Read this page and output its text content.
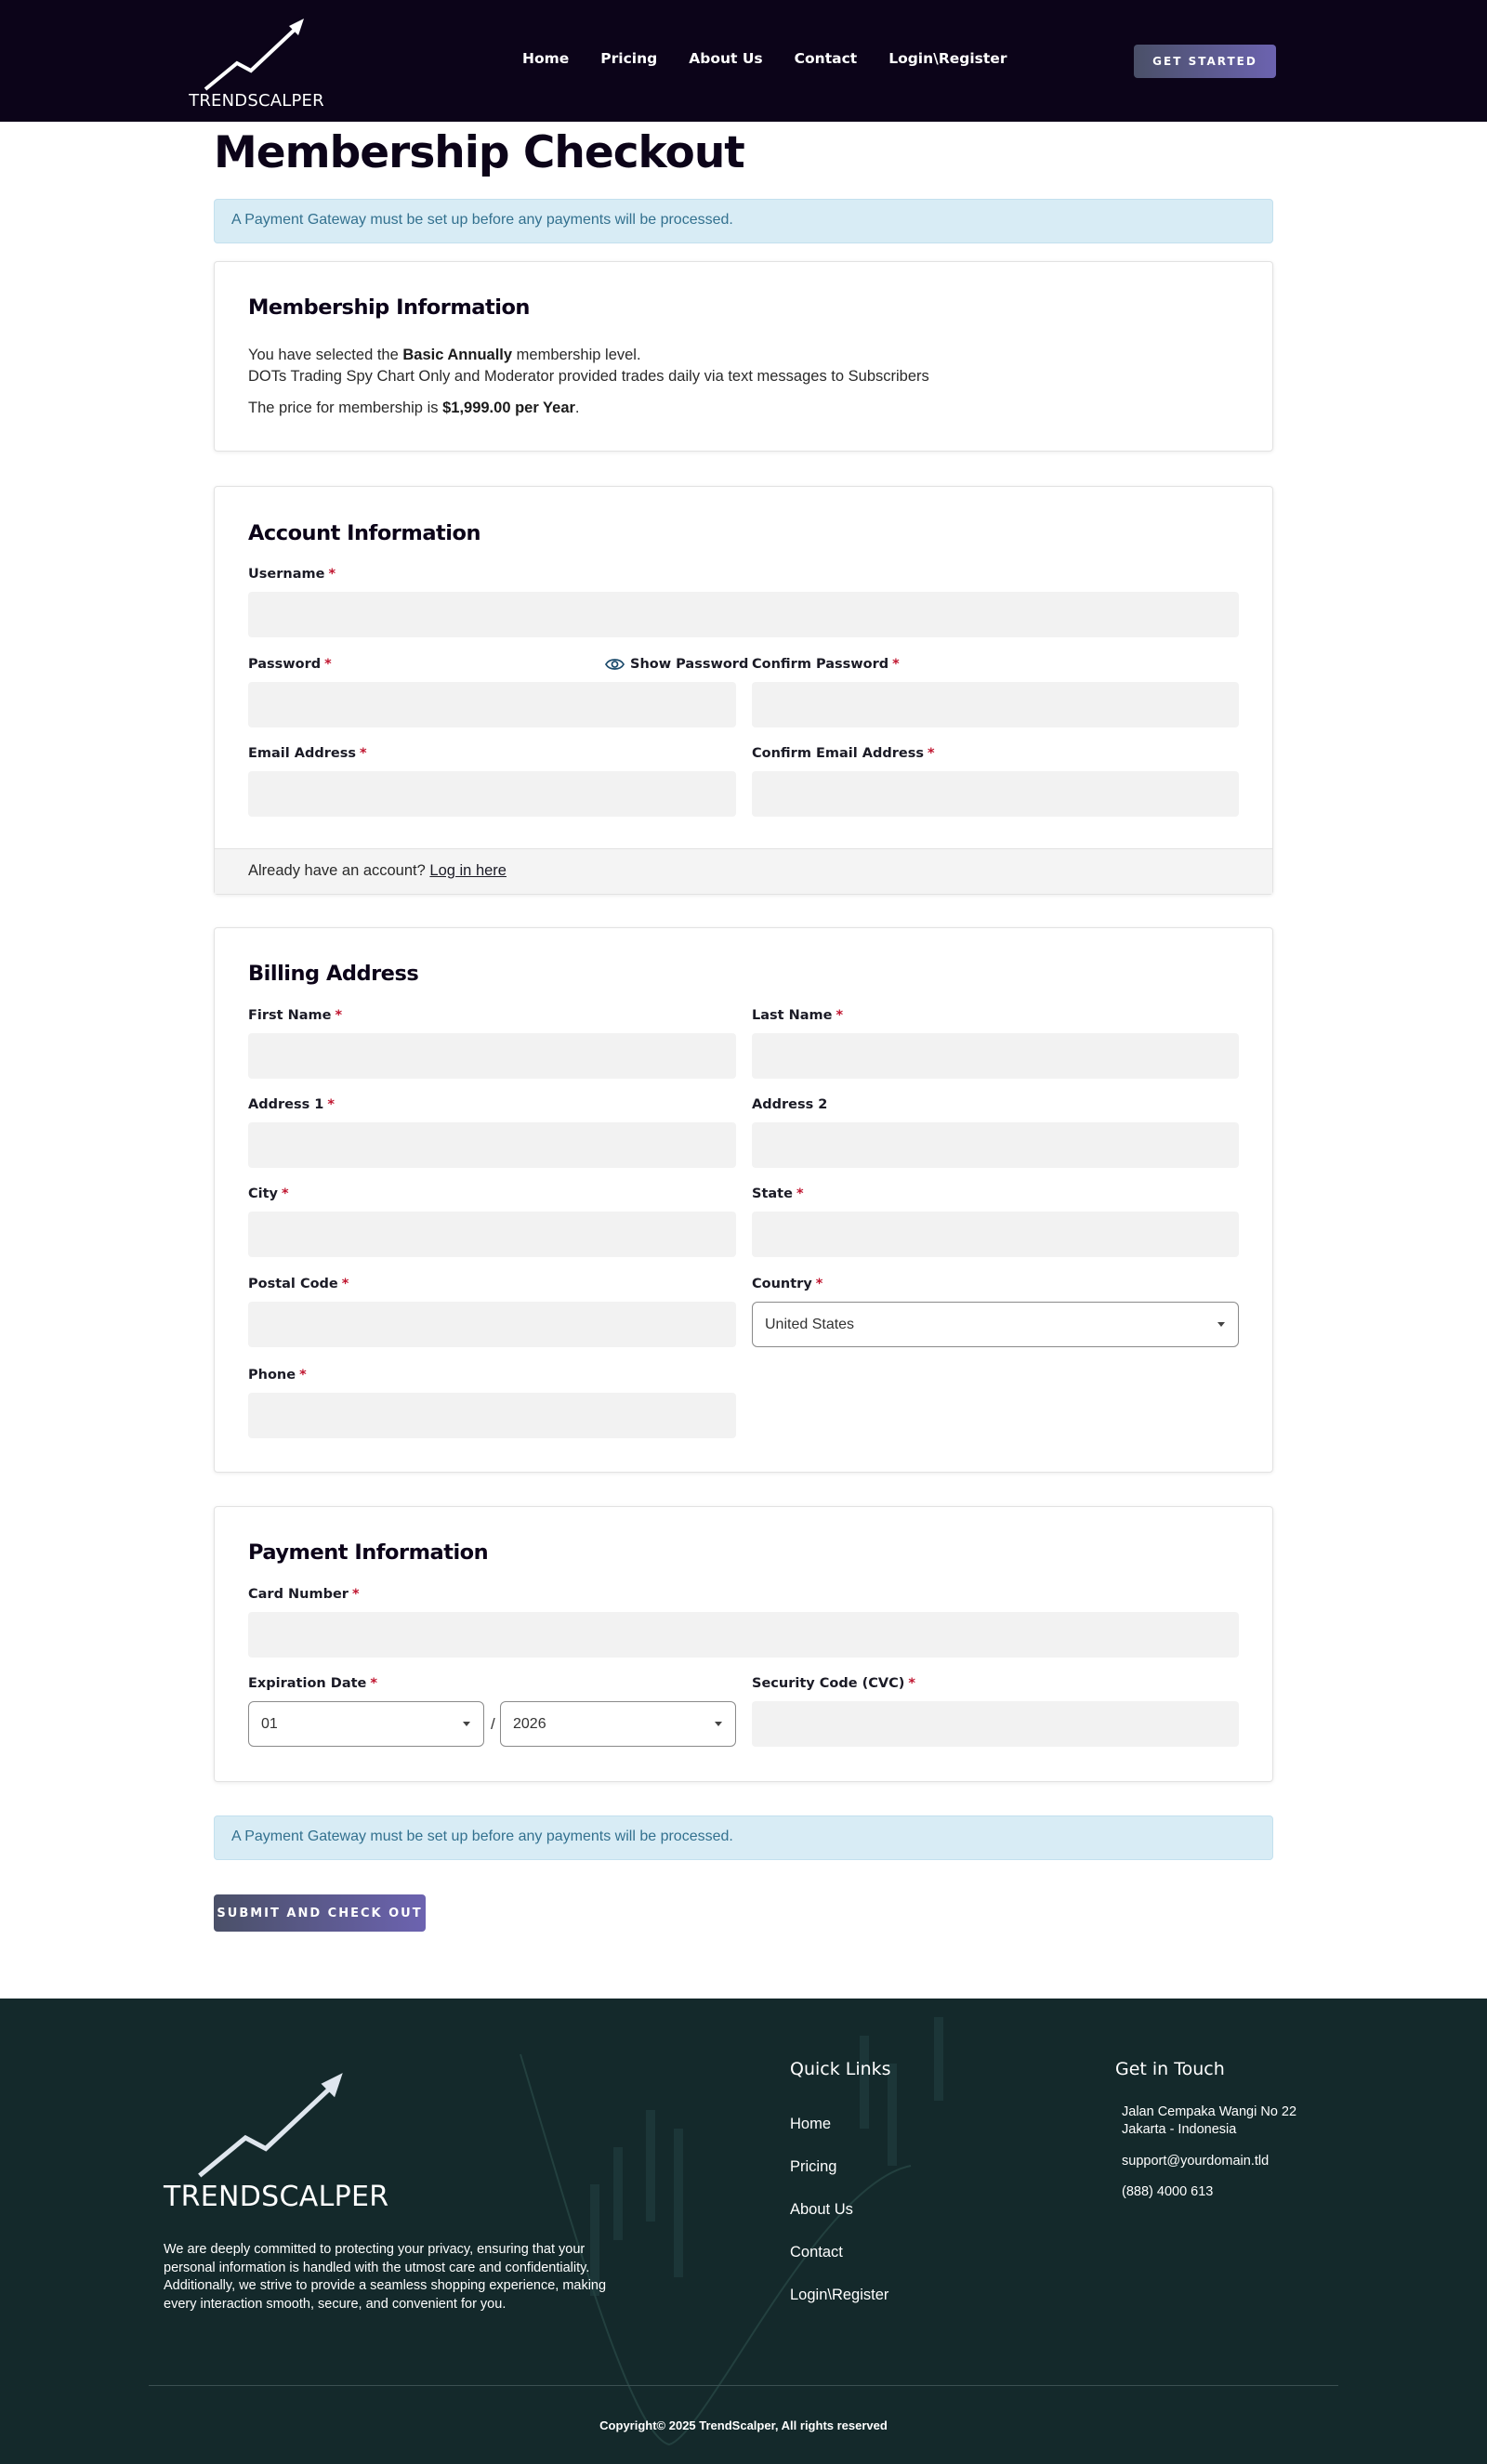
TRENDSCALPER
Home Pricing About Us Contact Login\Register	GET STARTED
Membership Checkout
A Payment Gateway must be set up before any payments will be processed.
Membership Information
You have selected the Basic Annually membership level.
DOTs Trading Spy Chart Only and Moderator provided trades daily via text messages to Subscribers
The price for membership is $1,999.00 per Year.
Account Information
Username *
Password *	Show Password Confirm Password *
Email Address *	Confirm Email Address *
Already have an account? Log in here
Billing Address
First Name *	Last Name *
Address 1 *	Address 2
City *	State *
Postal Code *	Country *
United States
Phone *
Payment Information
Card Number *
Expiration Date *
01	/	2026
Security Code (CVC) *
A Payment Gateway must be set up before any payments will be processed.
SUBMIT AND CHECK OUT
TRENDSCALPER
We are deeply committed to protecting your privacy, ensuring that your personal information is handled with the utmost care and confidentiality. Additionally, we strive to provide a seamless shopping experience, making every interaction smooth, secure, and convenient for you.
Quick Links
Home
Pricing
About Us
Contact
Login\Register
Get in Touch
Jalan Cempaka Wangi No 22
Jakarta - Indonesia
support@yourdomain.tld
(888) 4000 613
Copyright© 2025 TrendScalper, All rights reserved
